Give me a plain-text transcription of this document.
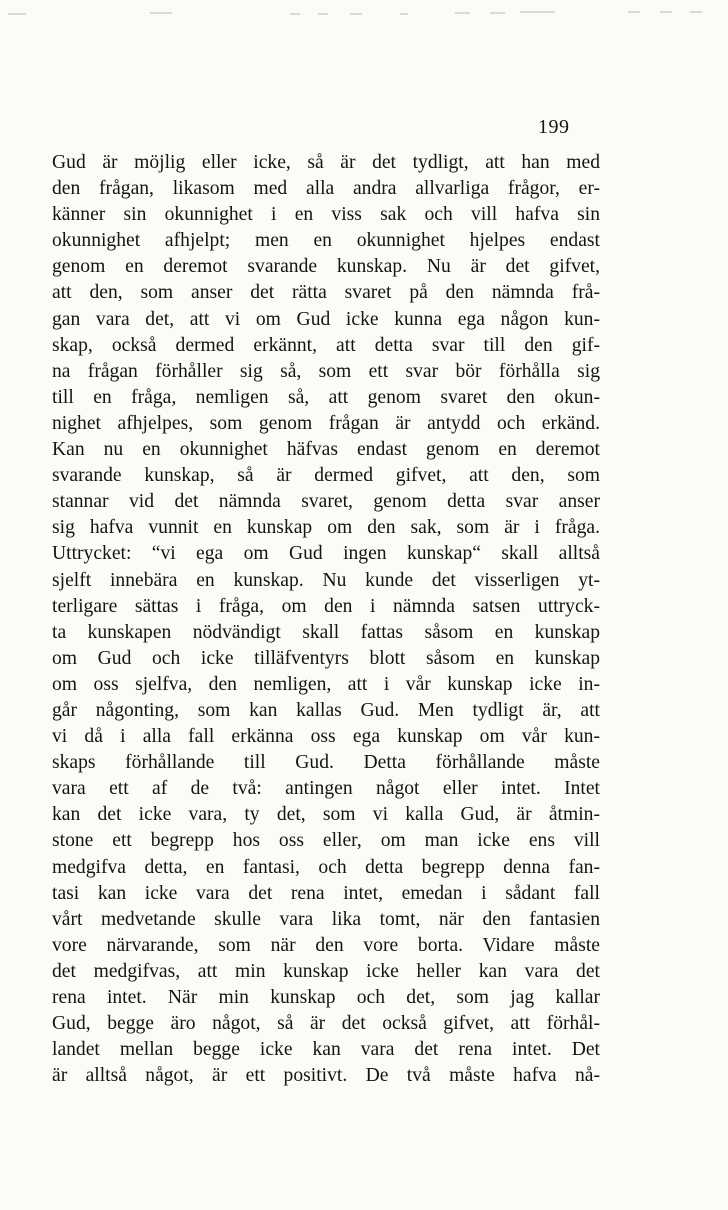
199
Gud är möjlig eller icke, så är det tydligt, att han med
den frågan, likasom med alla andra allvarliga frågor, er-
känner sin okunnighet i en viss sak och vill hafva sin
okunnighet afhjelpt; men en okunnighet hjelpes endast
genom en deremot svarande kunskap. Nu är det gifvet,
att den, som anser det rätta svaret på den nämnda frå-
gan vara det, att vi om Gud icke kunna ega någon kun-
skap, också dermed erkännt, att detta svar till den gif-
na frågan förhåller sig så, som ett svar bör förhålla sig
till en fråga, nemligen så, att genom svaret den okun-
nighet afhjelpes, som genom frågan är antydd och erkänd.
Kan nu en okunnighet häfvas endast genom en deremot
svarande kunskap, så är dermed gifvet, att den, som
stannar vid det nämnda svaret, genom detta svar anser
sig hafva vunnit en kunskap om den sak, som är i fråga.
Uttrycket: “vi ega om Gud ingen kunskap“ skall alltså
sjelft innebära en kunskap. Nu kunde det visserligen yt-
terligare sättas i fråga, om den i nämnda satsen uttryck-
ta kunskapen nödvändigt skall fattas såsom en kunskap
om Gud och icke tilläfventyrs blott såsom en kunskap
om oss sjelfva, den nemligen, att i vår kunskap icke in-
går någonting, som kan kallas Gud. Men tydligt är, att
vi då i alla fall erkänna oss ega kunskap om vår kun-
skaps förhållande till Gud. Detta förhållande måste
vara ett af de två: antingen något eller intet. Intet
kan det icke vara, ty det, som vi kalla Gud, är åtmin-
stone ett begrepp hos oss eller, om man icke ens vill
medgifva detta, en fantasi, och detta begrepp denna fan-
tasi kan icke vara det rena intet, emedan i sådant fall
vårt medvetande skulle vara lika tomt, när den fantasien
vore närvarande, som när den vore borta. Vidare måste
det medgifvas, att min kunskap icke heller kan vara det
rena intet. När min kunskap och det, som jag kallar
Gud, begge äro något, så är det också gifvet, att förhål-
landet mellan begge icke kan vara det rena intet. Det
är alltså något, är ett positivt. De två måste hafva nå-
